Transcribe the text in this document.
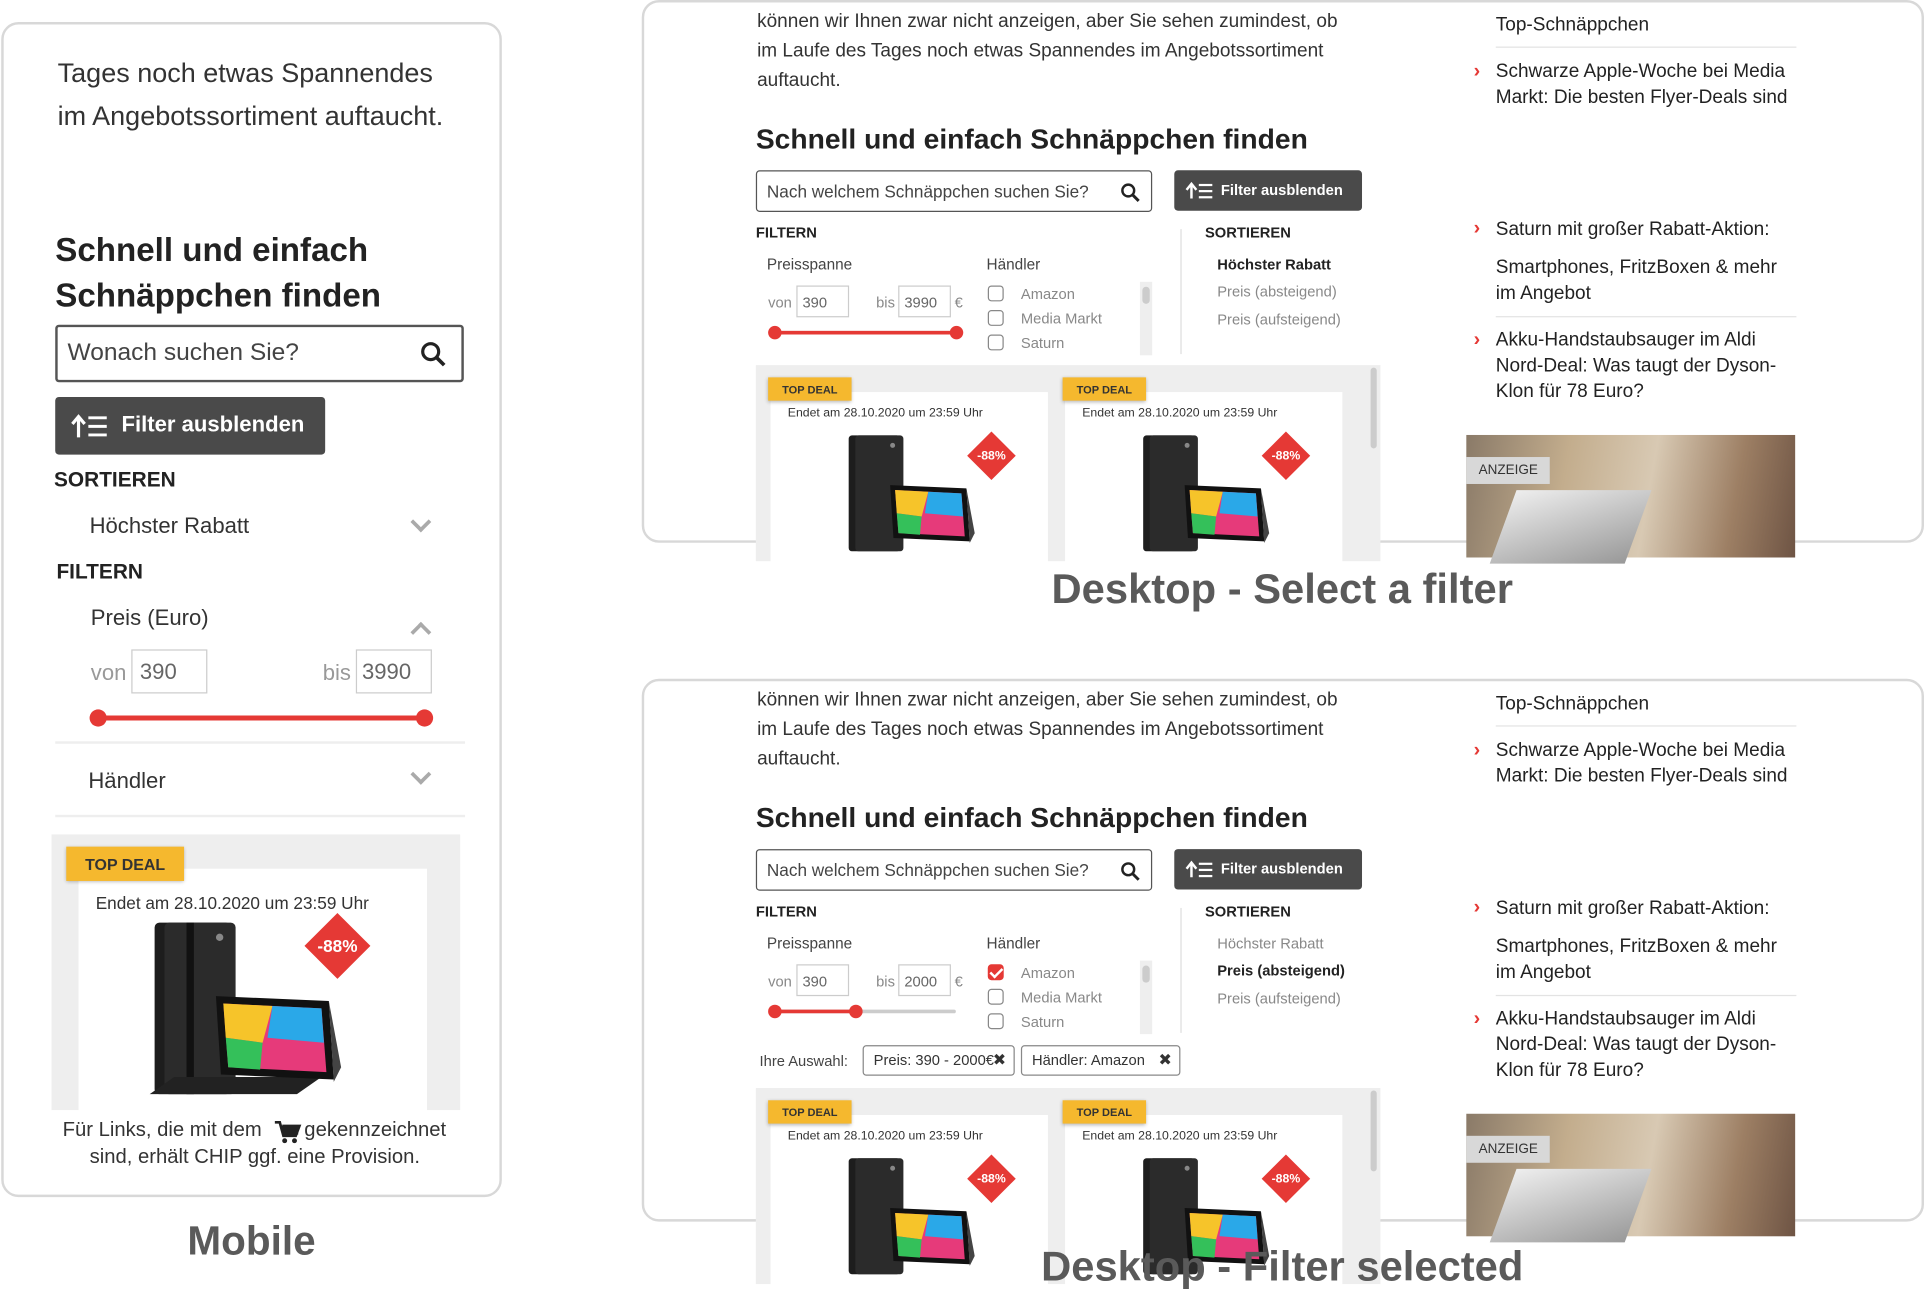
Tages noch etwas Spannendes im Angebotssortiment auftaucht.
Schnell und einfach Schnäppchen finden
Wonach suchen Sie?
Filter ausblenden
SORTIEREN
Höchster Rabatt
FILTERN
Preis (Euro)
von 390	bis 3990
Händler
Endet am 28.10.2020 um 23:59 Uhr
-88%
TOP DEAL
Für Links, die mit dem	gekennzeichnet
sind, erhält CHIP ggf. eine Provision.
Mobile
können wir Ihnen zwar nicht anzeigen, aber Sie sehen zumindest, ob
im Laufe des Tages noch etwas Spannendes im Angebotssortiment
auftaucht.
Schnell und einfach Schnäppchen finden
Nach welchem Schnäppchen suchen Sie?	Filter ausblenden
FILTERN
Preisspanne
von 390	bis 3990	€
Händler
Amazon
Media Markt
Saturn
SORTIEREN
Höchster Rabatt
Preis (absteigend)
Preis (aufsteigend)
Endet am 28.10.2020 um 23:59 Uhr
-88%
Endet am 28.10.2020 um 23:59 Uhr
-88%
TOP DEAL	TOP DEAL
Top-Schnäppchen
› Schwarze Apple-Woche bei Media
Markt: Die besten Flyer-Deals sind
Saturn mit großer Rabatt-Aktion:
›
Smartphones, FritzBoxen & mehr
im Angebot
› Akku-Handstaubsauger im Aldi
Nord-Deal: Was taugt der Dyson-
Klon für 78 Euro?
ANZEIGE
Desktop - Select a filter
können wir Ihnen zwar nicht anzeigen, aber Sie sehen zumindest, ob
im Laufe des Tages noch etwas Spannendes im Angebotssortiment
auftaucht.
Schnell und einfach Schnäppchen finden
Nach welchem Schnäppchen suchen Sie?	Filter ausblenden
FILTERN
Preisspanne
von 390	bis 2000	€
Händler
Amazon
Media Markt
Saturn
SORTIEREN
Höchster Rabatt
Preis (absteigend)
Preis (aufsteigend)
Endet am 28.10.2020 um 23:59 Uhr
-88%
Endet am 28.10.2020 um 23:59 Uhr
-88%
TOP DEAL	TOP DEAL
Top-Schnäppchen
› Schwarze Apple-Woche bei Media
Markt: Die besten Flyer-Deals sind
Saturn mit großer Rabatt-Aktion:
›
Smartphones, FritzBoxen & mehr
im Angebot
› Akku-Handstaubsauger im Aldi
Nord-Deal: Was taugt der Dyson-
Klon für 78 Euro?
ANZEIGE
Ihre Auswahl:	Preis: 390 - 2000€
✖	Händler: Amazon ✖
Desktop - Filter selected
